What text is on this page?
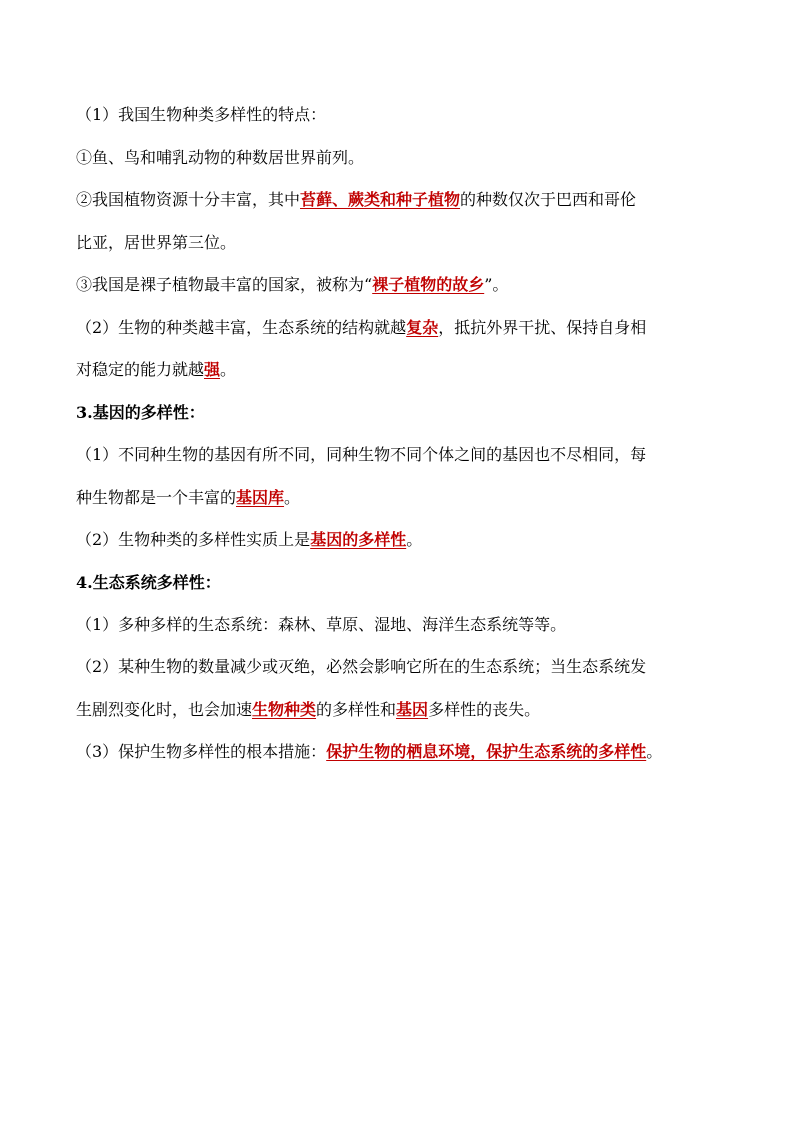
（1）我国生物种类多样性的特点：
①鱼、鸟和哺乳动物的种数居世界前列。
②我国植物资源十分丰富，其中苔藓、蕨类和种子植物的种数仅次于巴西和哥伦
比亚，居世界第三位。
③我国是裸子植物最丰富的国家，被称为“裸子植物的故乡”。
（2）生物的种类越丰富，生态系统的结构就越复杂，抵抗外界干扰、保持自身相
对稳定的能力就越强。
3.基因的多样性：
（1）不同种生物的基因有所不同，同种生物不同个体之间的基因也不尽相同，每
种生物都是一个丰富的基因库。
（2）生物种类的多样性实质上是基因的多样性。
4.生态系统多样性：
（1）多种多样的生态系统：森林、草原、湿地、海洋生态系统等等。
（2）某种生物的数量减少或灭绝，必然会影响它所在的生态系统；当生态系统发
生剧烈变化时，也会加速生物种类的多样性和基因多样性的丧失。
（3）保护生物多样性的根本措施：保护生物的栖息环境，保护生态系统的多样性。
